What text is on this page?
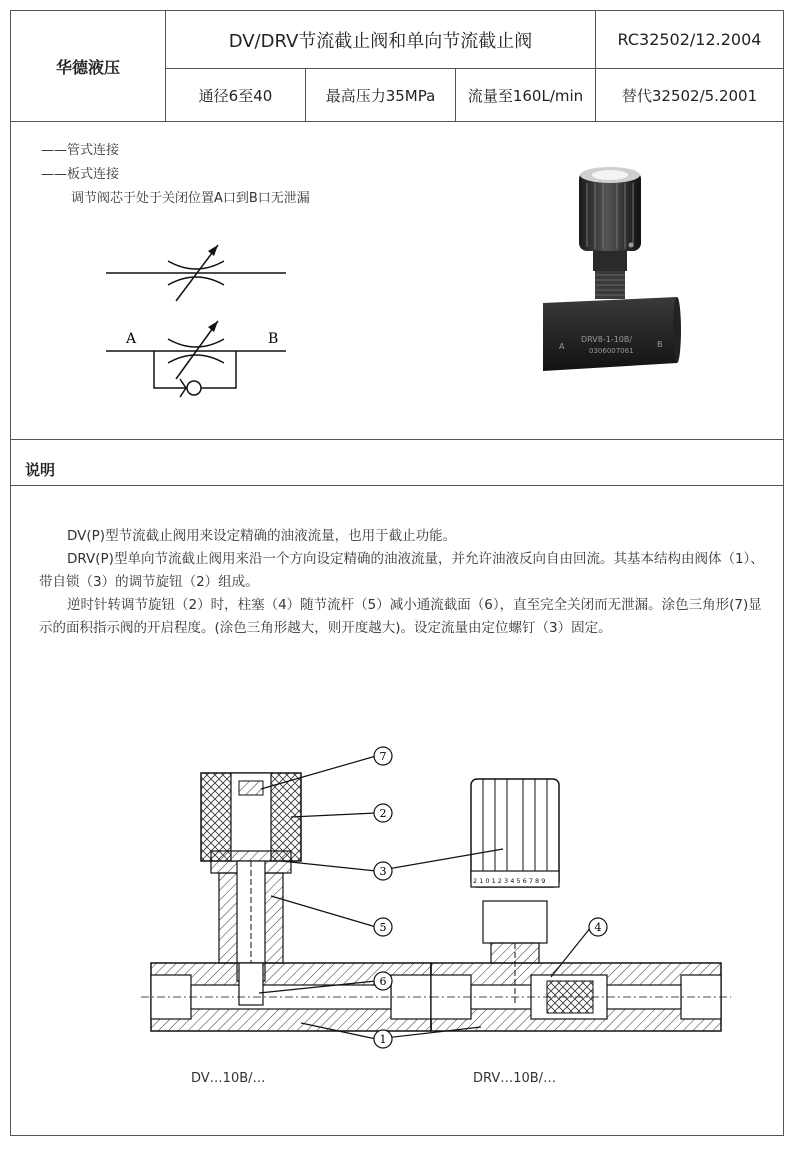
华德液压
DV/DRV节流截止阀和单向节流截止阀	RC32502/12.2004
通径6至40	最高压力35MPa	流量至160L/min	替代32502/5.2001
——管式连接
——板式连接
调节阀芯于处于关闭位置A口到B口无泄漏
A	B	DRV8-1-10B/
0306007061
A	B
说明
DV(P)型节流截止阀用来设定精确的油液流量，也用于截止功能。
DRV(P)型单向节流截止阀用来沿一个方向设定精确的油液流量，并允许油液反向自由回流。其基本结构由阀体（1）、带自锁（3）的调节旋钮（2）组成。
逆时针转调节旋钮（2）时，柱塞（4）随节流杆（5）减小通流截面（6），直至完全关闭而无泄漏。涂色三角形(7)显示的面积指示阀的开启程度。(涂色三角形越大，则开度越大)。设定流量由定位螺钉（3）固定。
2 1 0 1 2 3 4 5 6 7 8 9
7
2
3
5
6
1
4
DV…10B/…	DRV…10B/…
